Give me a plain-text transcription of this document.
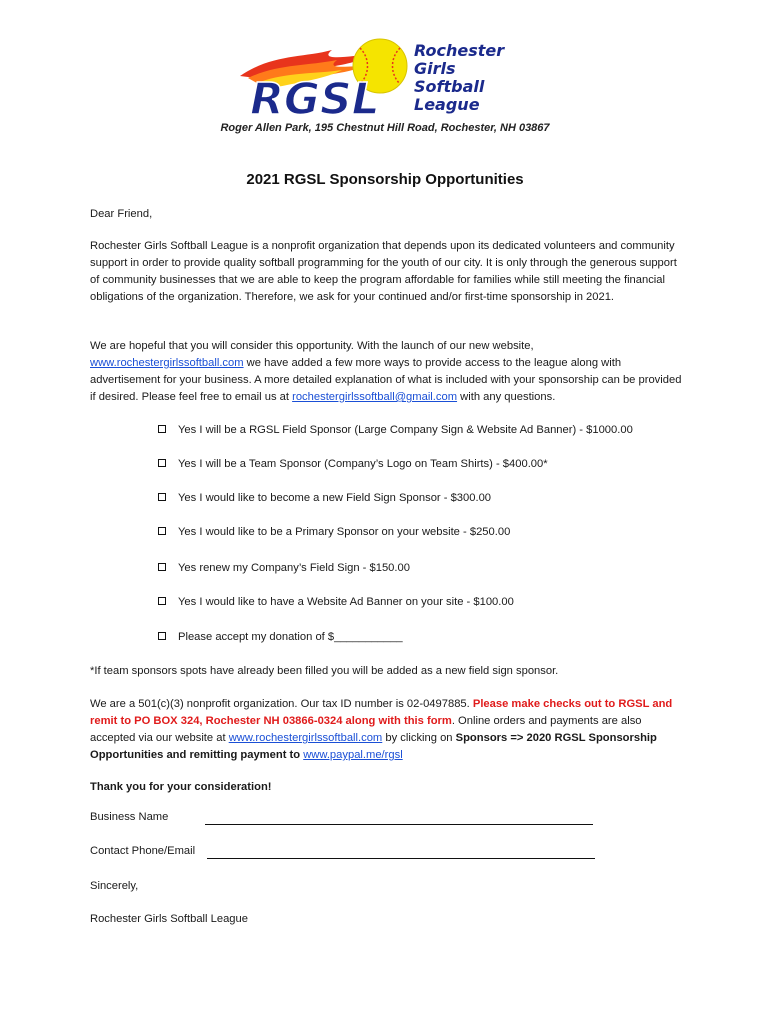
RGSL
Rochester
Girls
Softball
League
Roger Allen Park, 195 Chestnut Hill Road, Rochester, NH 03867
2021 RGSL Sponsorship Opportunities
Dear Friend,
Rochester Girls Softball League is a nonprofit organization that depends upon its dedicated volunteers and community support in order to provide quality softball programming for the youth of our city. It is only through the generous support of community businesses that we are able to keep the program affordable for families while still meeting the financial obligations of the organization. Therefore, we ask for your continued and/or first-time sponsorship in 2021.
We are hopeful that you will consider this opportunity. With the launch of our new website, www.rochestergirlssoftball.com we have added a few more ways to provide access to the league along with advertisement for your business. A more detailed explanation of what is included with your sponsorship can be provided if desired. Please feel free to email us at rochestergirlssoftball@gmail.com with any questions.
Yes I will be a RGSL Field Sponsor (Large Company Sign & Website Ad Banner) - $1000.00
Yes I will be a Team Sponsor (Company’s Logo on Team Shirts) - $400.00*
Yes I would like to become a new Field Sign Sponsor - $300.00
Yes I would like to be a Primary Sponsor on your website - $250.00
Yes renew my Company’s Field Sign - $150.00
Yes I would like to have a Website Ad Banner on your site - $100.00
Please accept my donation of $___________
*If team sponsors spots have already been filled you will be added as a new field sign sponsor.
We are a 501(c)(3) nonprofit organization. Our tax ID number is 02-0497885. Please make checks out to RGSL and remit to PO BOX 324, Rochester NH 03866-0324 along with this form. Online orders and payments are also accepted via our website at www.rochestergirlssoftball.com by clicking on Sponsors => 2020 RGSL Sponsorship Opportunities and remitting payment to www.paypal.me/rgsl
Thank you for your consideration!
Business Name
Contact Phone/Email
Sincerely,
Rochester Girls Softball League
